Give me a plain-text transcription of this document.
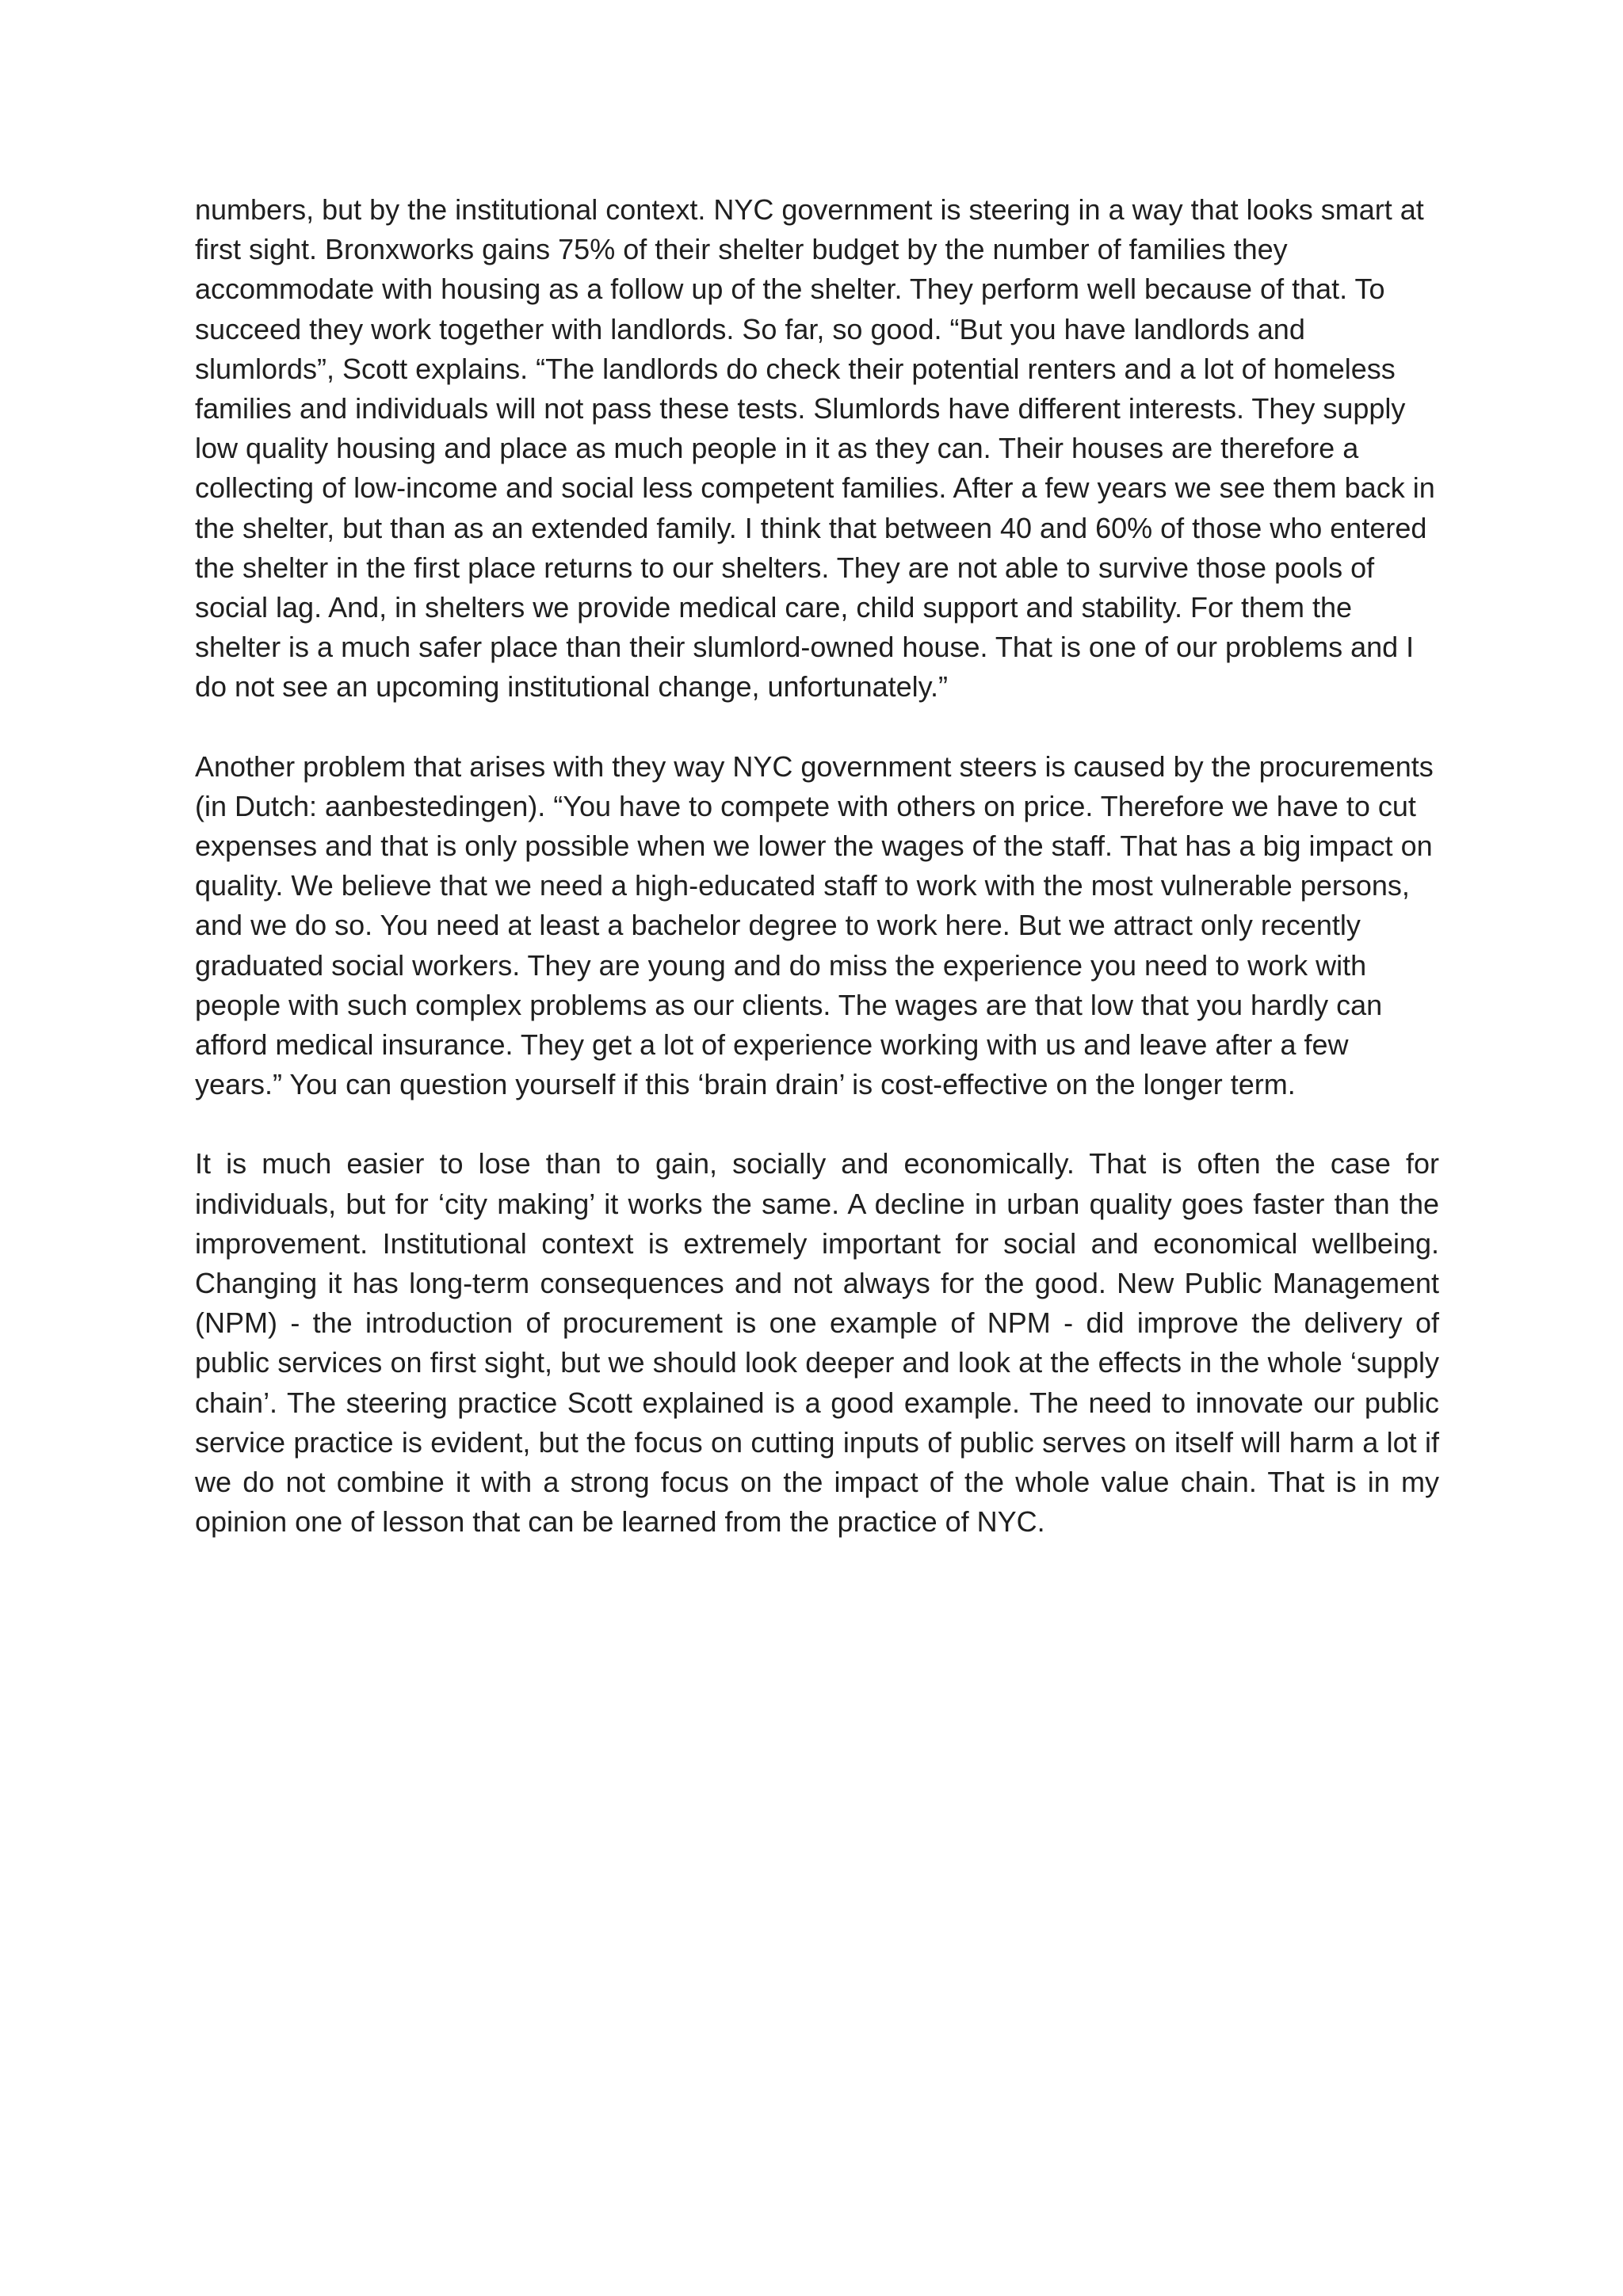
numbers, but by the institutional context. NYC government is steering in a way that looks smart at first sight. Bronxworks gains 75% of their shelter budget by the number of families they accommodate with housing as a follow up of the shelter. They perform well because of that. To succeed they work together with landlords. So far, so good. “But you have landlords and slumlords”, Scott explains. “The landlords do check their potential renters and a lot of homeless families and individuals will not pass these tests. Slumlords have different interests. They supply low quality housing and place as much people in it as they can. Their houses are therefore a collecting of low-income and social less competent families. After a few years we see them back in the shelter, but than as an extended family. I think that between 40 and 60% of those who entered the shelter in the first place returns to our shelters. They are not able to survive those pools of social lag. And, in shelters we provide medical care, child support and stability. For them the shelter is a much safer place than their slumlord-owned house. That is one of our problems and I do not see an upcoming institutional change, unfortunately.”

Another problem that arises with they way NYC government steers is caused by the procurements (in Dutch: aanbestedingen). “You have to compete with others on price. Therefore we have to cut expenses and that is only possible when we lower the wages of the staff. That has a big impact on quality. We believe that we need a high-educated staff to work with the most vulnerable persons, and we do so. You need at least a bachelor degree to work here. But we attract only recently graduated social workers. They are young and do miss the experience you need to work with people with such complex problems as our clients. The wages are that low that you hardly can afford medical insurance. They get a lot of experience working with us and leave after a few years.” You can question yourself if this ‘brain drain’ is cost-effective on the longer term.

It is much easier to lose than to gain, socially and economically. That is often the case for individuals, but for ‘city making’ it works the same. A decline in urban quality goes faster than the improvement. Institutional context is extremely important for social and economical wellbeing. Changing it has long-term consequences and not always for the good. New Public Management (NPM) - the introduction of procurement is one example of NPM - did improve the delivery of public services on first sight, but we should look deeper and look at the effects in the whole ‘supply chain’. The steering practice Scott explained is a good example. The need to innovate our public service practice is evident, but the focus on cutting inputs of public serves on itself will harm a lot if we do not combine it with a strong focus on the impact of the whole value chain. That is in my opinion one of lesson that can be learned from the practice of NYC.
